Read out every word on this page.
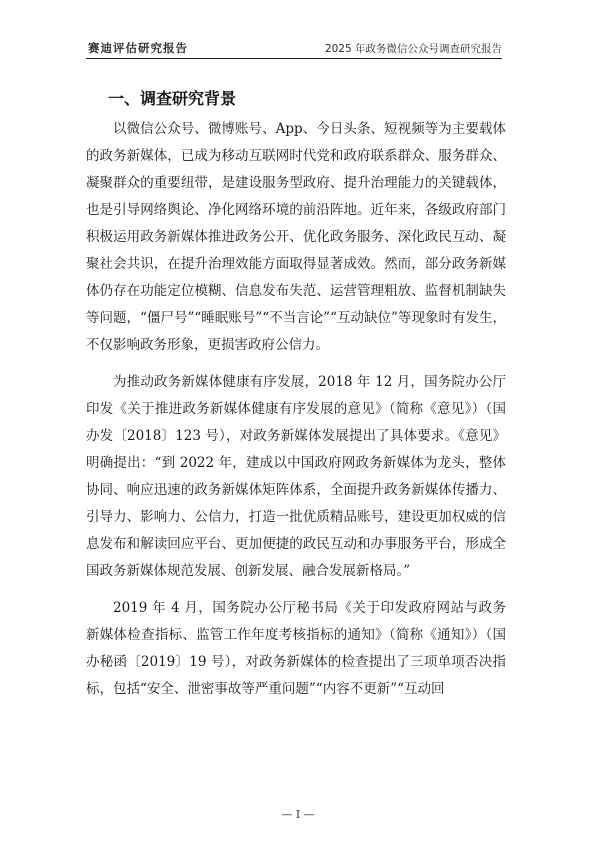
赛迪评估研究报告	2025 年政务微信公众号调查研究报告
一、调查研究背景

以微信公众号、微博账号、App、今日头条、短视频等为主要载体的政务新媒体，已成为移动互联网时代党和政府联系群众、服务群众、凝聚群众的重要纽带，是建设服务型政府、提升治理能力的关键载体，也是引导网络舆论、净化网络环境的前沿阵地。近年来，各级政府部门积极运用政务新媒体推进政务公开、优化政务服务、深化政民互动、凝聚社会共识，在提升治理效能方面取得显著成效。然而，部分政务新媒体仍存在功能定位模糊、信息发布失范、运营管理粗放、监督机制缺失等问题，“僵尸号”“睡眠账号”“不当言论”“互动缺位”等现象时有发生，不仅影响政务形象，更损害政府公信力。

为推动政务新媒体健康有序发展，2018 年 12 月，国务院办公厅印发《关于推进政务新媒体健康有序发展的意见》（简称《意见》）（国办发〔2018〕123 号），对政务新媒体发展提出了具体要求。《意见》明确提出：“到 2022 年，建成以中国政府网政务新媒体为龙头，整体协同、响应迅速的政务新媒体矩阵体系，全面提升政务新媒体传播力、引导力、影响力、公信力，打造一批优质精品账号，建设更加权威的信息发布和解读回应平台、更加便捷的政民互动和办事服务平台，形成全国政务新媒体规范发展、创新发展、融合发展新格局。”

2019 年 4 月，国务院办公厅秘书局《关于印发政府网站与政务新媒体检查指标、监管工作年度考核指标的通知》（简称《通知》）（国办秘函〔2019〕19 号），对政务新媒体的检查提出了三项单项否决指标，包括“安全、泄密事故等严重问题”“内容不更新”“互动回

— I —
